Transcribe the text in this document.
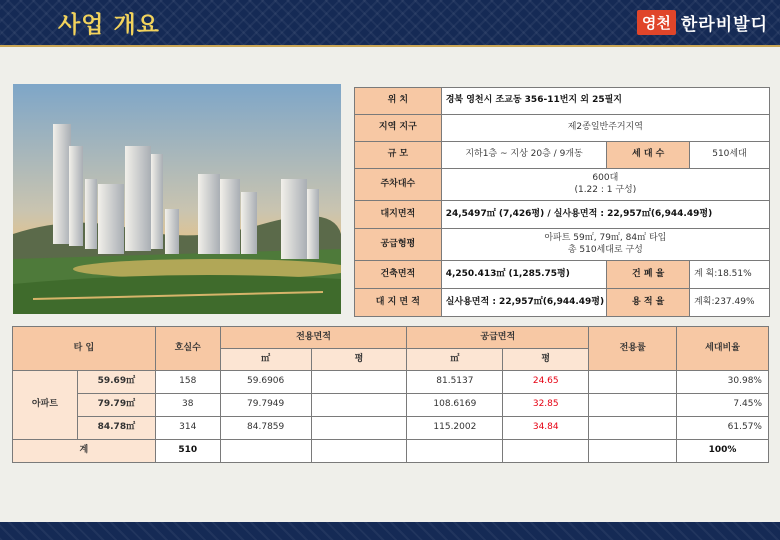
사업 개요	영천 한라비발디
위 치	경북 영천시 조교동 356-11번지 외 25필지		
지역 지구	제2종일반주거지역		
규 모	지하1층 ~ 지상 20층 / 9개동	세 대 수	510세대
주차대수	600대
(1.22 : 1 구성)		

대지면적	24,5497㎡ (7,426평) / 실사용면적 : 22,957㎡(6,944.49평)		
공급형평	아파트 59㎡, 79㎡, 84㎡ 타입
총 510세대로 구성		

건축면적	4,250.413㎡ (1,285.75평)	건 폐 율	계 획:18.51%
대 지 면 적	실사용면적 : 22,957㎡(6,944.49평)	용 적 율	계획:237.49%
타 입		호실수	전용면적		공급면적		전용률	세대비율
			㎡	평	㎡	평		
아파트	59.69㎡	158	59.6906		81.5137	24.65		30.98%
	79.79㎡	38	79.7949		108.6169	32.85		7.45%
	84.78㎡	314	84.7859		115.2002	34.84		61.57%
계		510						100%
